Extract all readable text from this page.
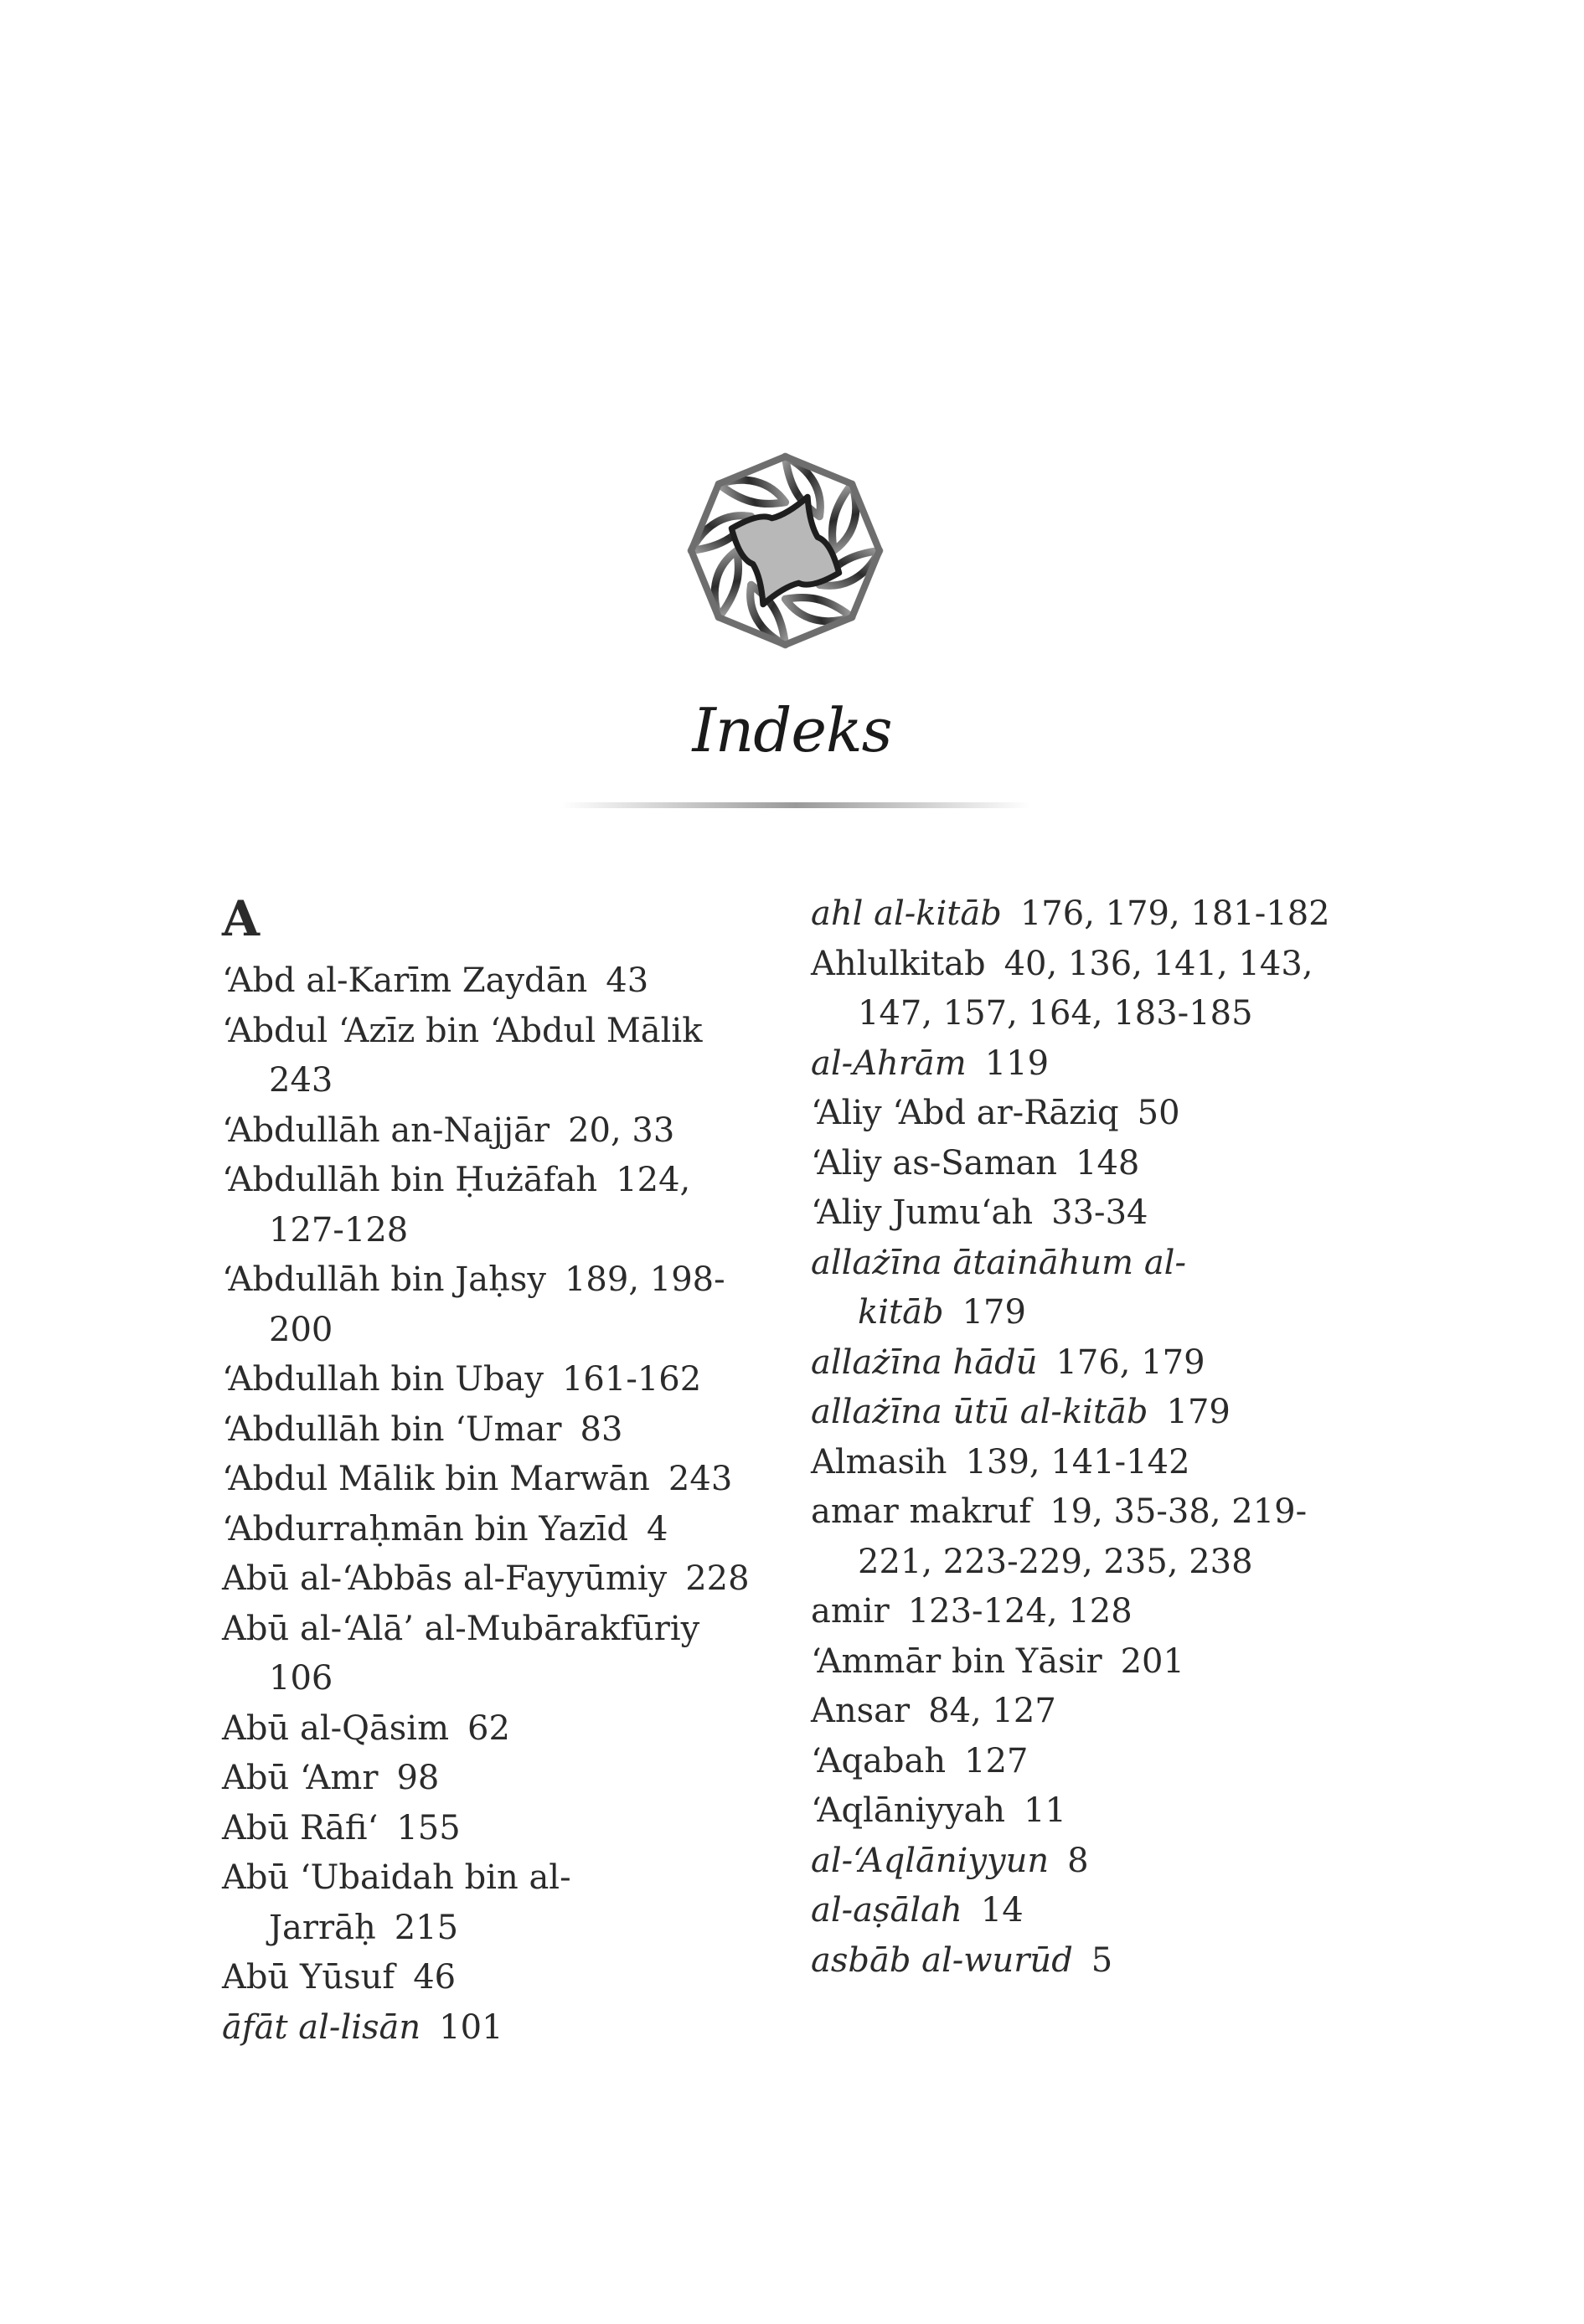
Indeks
A
‘Abd al-Karīm Zaydān 43
‘Abdul ‘Azīz bin ‘Abdul Mālik
243
‘Abdullāh an-Najjār 20, 33
‘Abdullāh bin Ḥużāfah 124, 127-128
‘Abdullāh bin Jaḥsy 189, 198-200
‘Abdullah bin Ubay 161-162
‘Abdullāh bin ‘Umar 83
‘Abdul Mālik bin Marwān 243
‘Abdurraḥmān bin Yazīd 4
Abū al-‘Abbās al-Fayyūmiy 228
Abū al-‘Alā’ al-Mubārakfūriy
106
Abū al-Qāsim 62
Abū ‘Amr 98
Abū Rāfi‘ 155
Abū ‘Ubaidah bin al-Jarrāḥ 215
Abū Yūsuf 46
āfāt al-lisān 101
ahl al-kitāb 176, 179, 181-182
Ahlulkitab 40, 136, 141, 143, 147, 157, 164, 183-185
al-Ahrām 119
‘Aliy ‘Abd ar-Rāziq 50
‘Aliy as-Saman 148
‘Aliy Jumu‘ah 33-34
allażīna ātaināhum al-kitāb 179
allażīna hādū 176, 179
allażīna ūtū al-kitāb 179
Almasih 139, 141-142
amar makruf 19, 35-38, 219-221, 223-229, 235, 238
amir 123-124, 128
‘Ammār bin Yāsir 201
Ansar 84, 127
‘Aqabah 127
‘Aqlāniyyah 11
al-‘Aqlāniyyun 8
al-aṣālah 14
asbāb al-wurūd 5
